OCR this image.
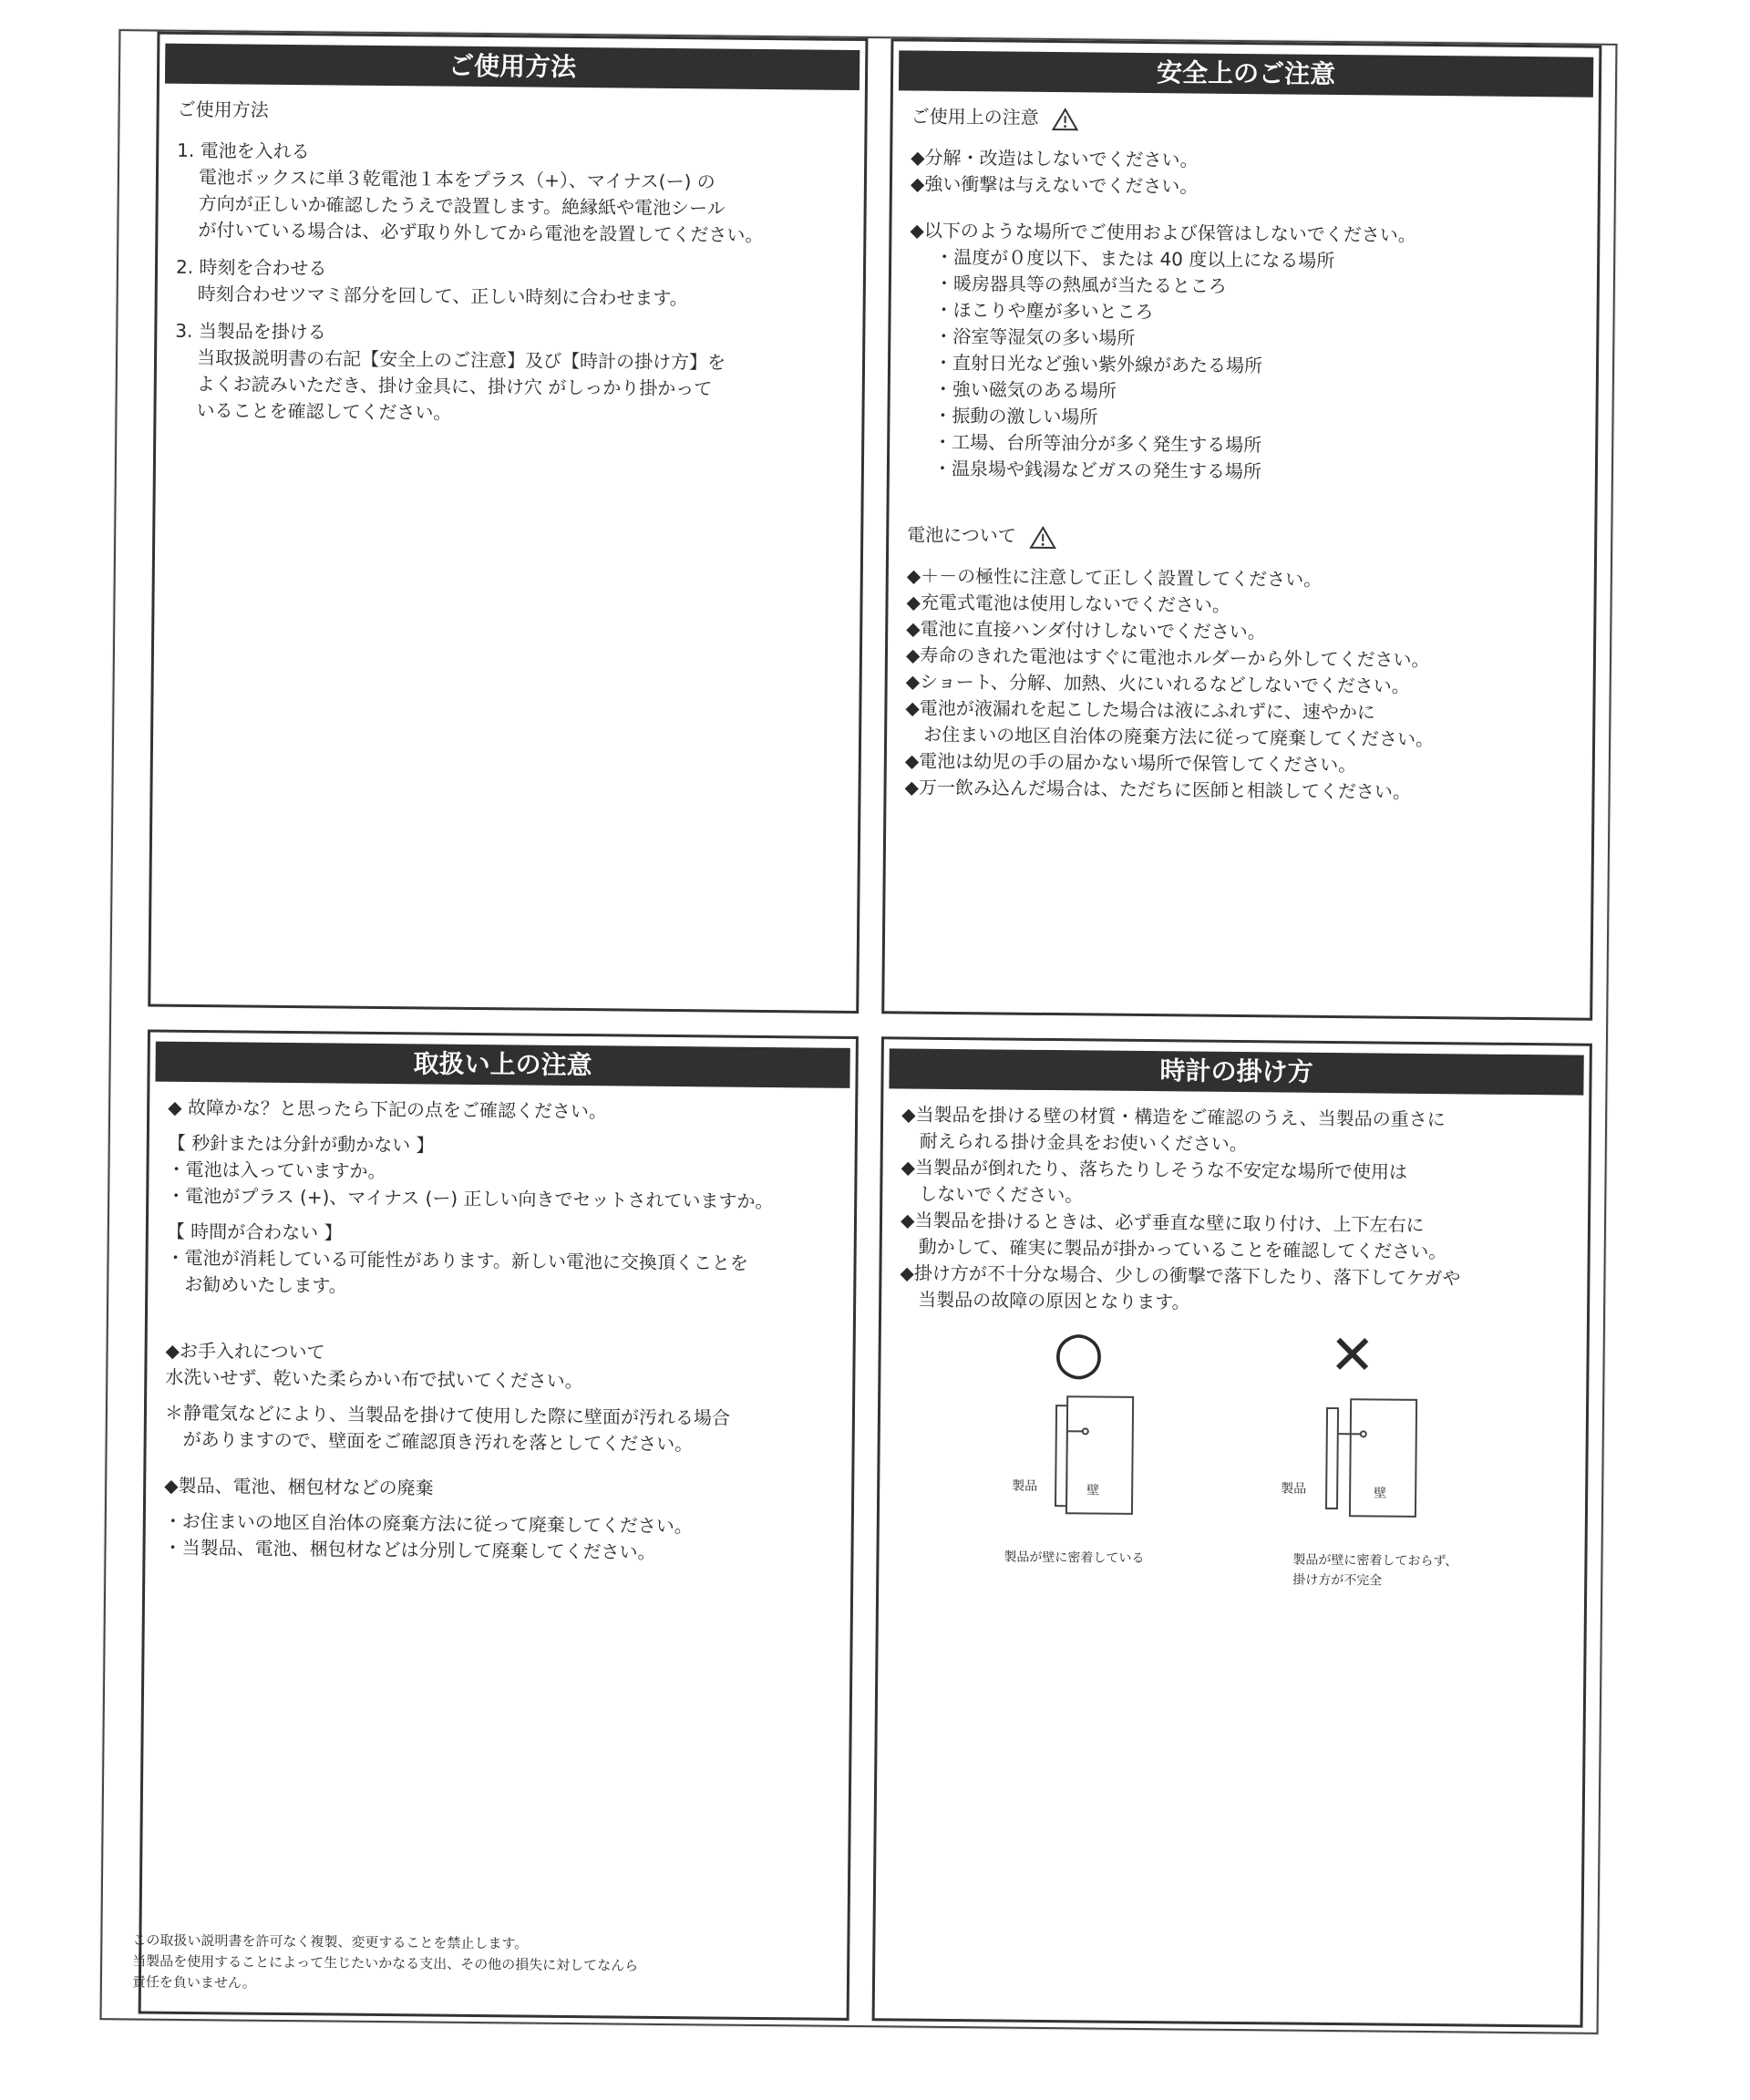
ご使用方法
ご使用方法
1. 電池を入れる
電池ボックスに単３乾電池１本をプラス（+）、マイナス(ー) の
方向が正しいか確認したうえで設置します。絶縁紙や電池シール
が付いている場合は、必ず取り外してから電池を設置してください。
2. 時刻を合わせる
時刻合わせツマミ部分を回して、正しい時刻に合わせます。
3. 当製品を掛ける
当取扱説明書の右記【安全上のご注意】及び【時計の掛け方】を
よくお読みいただき、掛け金具に、掛け穴 がしっかり掛かって
いることを確認してください。
安全上のご注意
ご使用上の注意
◆分解・改造はしないでください。
◆強い衝撃は与えないでください。
◆以下のような場所でご使用および保管はしないでください。
・温度が０度以下、または 40 度以上になる場所
・暖房器具等の熱風が当たるところ
・ほこりや塵が多いところ
・浴室等湿気の多い場所
・直射日光など強い紫外線があたる場所
・強い磁気のある場所
・振動の激しい場所
・工場、台所等油分が多く発生する場所
・温泉場や銭湯などガスの発生する場所
電池について
◆＋－の極性に注意して正しく設置してください。
◆充電式電池は使用しないでください。
◆電池に直接ハンダ付けしないでください。
◆寿命のきれた電池はすぐに電池ホルダーから外してください。
◆ショート、分解、加熱、火にいれるなどしないでください。
◆電池が液漏れを起こした場合は液にふれずに、速やかに
　お住まいの地区自治体の廃棄方法に従って廃棄してください。
◆電池は幼児の手の届かない場所で保管してください。
◆万一飲み込んだ場合は、ただちに医師と相談してください。
取扱い上の注意
◆ 故障かな？と思ったら下記の点をご確認ください。
【 秒針または分針が動かない 】
・電池は入っていますか。
・電池がプラス (+)、マイナス (ー) 正しい向きでセットされていますか。
【 時間が合わない 】
・電池が消耗している可能性があります。新しい電池に交換頂くことを
　お勧めいたします。
◆お手入れについて
水洗いせず、乾いた柔らかい布で拭いてください。
＊静電気などにより、当製品を掛けて使用した際に壁面が汚れる場合
　がありますので、壁面をご確認頂き汚れを落としてください。
◆製品、電池、梱包材などの廃棄
・お住まいの地区自治体の廃棄方法に従って廃棄してください。
・当製品、電池、梱包材などは分別して廃棄してください。
この取扱い説明書を許可なく複製、変更することを禁止します。
当製品を使用することによって生じたいかなる支出、その他の損失に対してなんら
責任を負いません。
時計の掛け方
◆当製品を掛ける壁の材質・構造をご確認のうえ、当製品の重さに
　耐えられる掛け金具をお使いください。
◆当製品が倒れたり、落ちたりしそうな不安定な場所で使用は
　しないでください。
◆当製品を掛けるときは、必ず垂直な壁に取り付け、上下左右に
　動かして、確実に製品が掛かっていることを確認してください。
◆掛け方が不十分な場合、少しの衝撃で落下したり、落下してケガや
　当製品の故障の原因となります。
○
製品	壁
製品が壁に密着している
✕
製品	壁
製品が壁に密着しておらず、
掛け方が不完全
